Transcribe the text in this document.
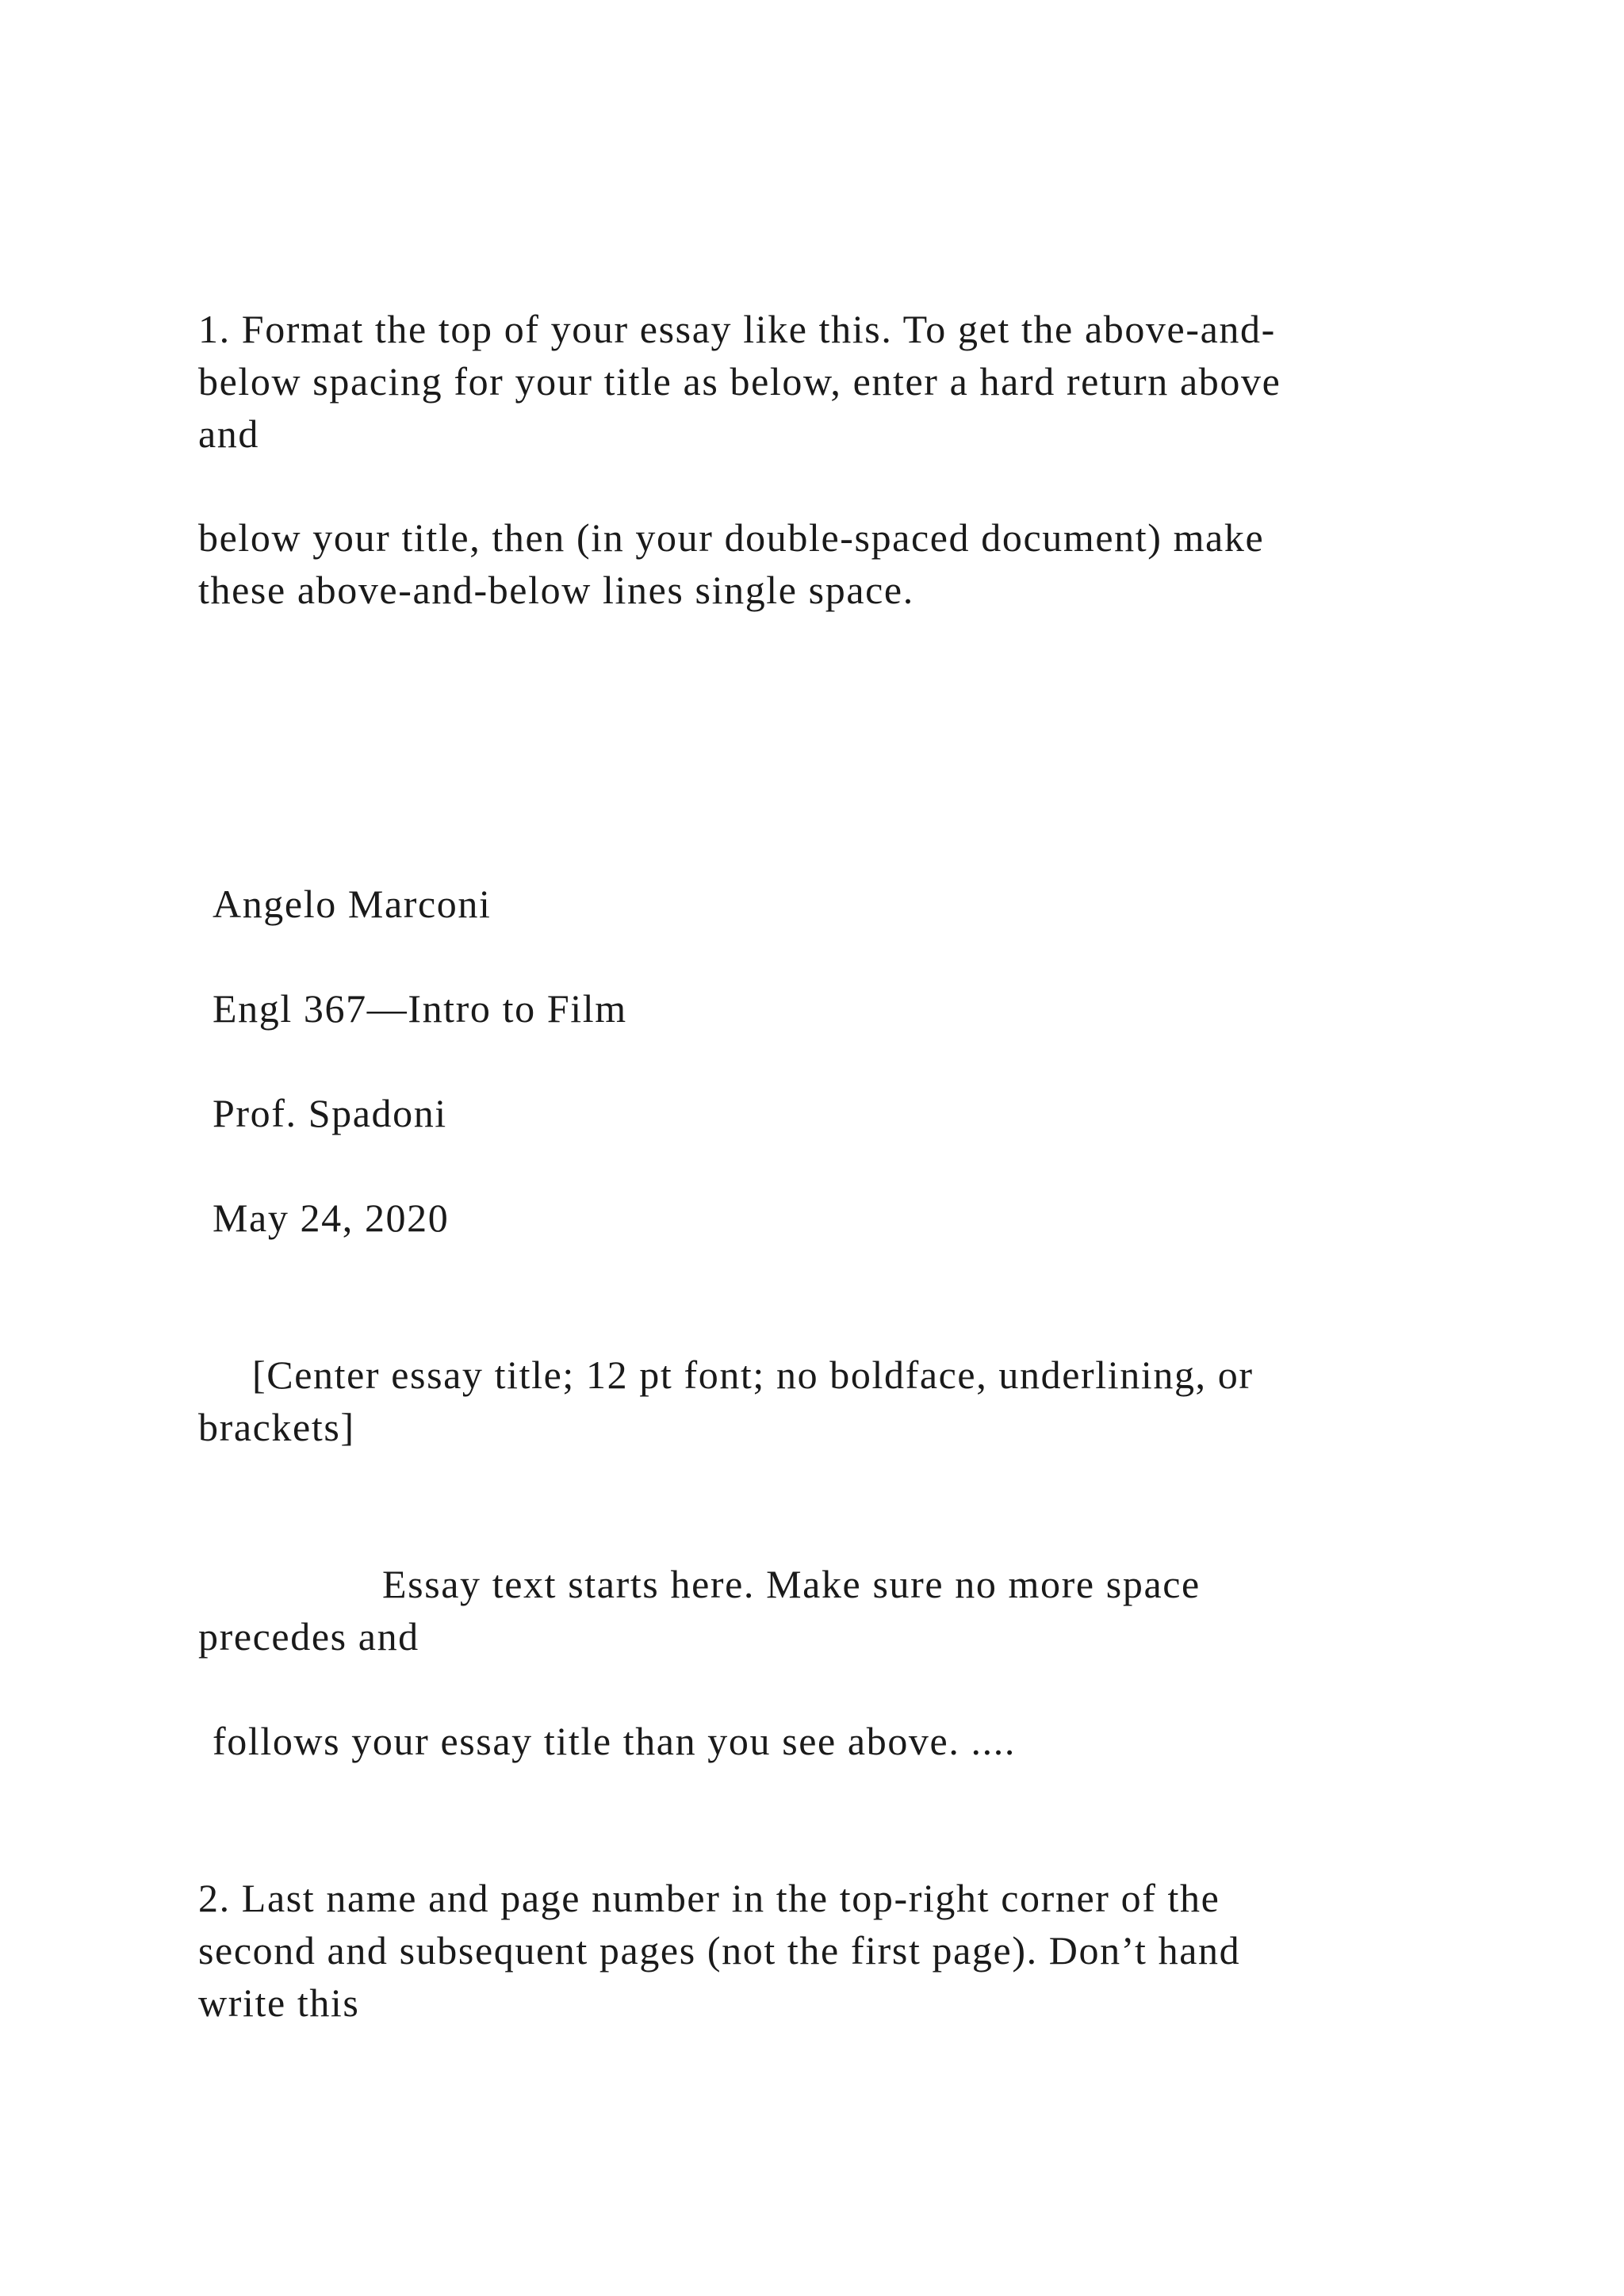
1. Format the top of your essay like this. To get the above-and-
below spacing for your title as below, enter a hard return above
and
below your title, then (in your double-spaced document) make
these above-and-below lines single space.
Angelo Marconi
Engl 367—Intro to Film
Prof. Spadoni
May 24, 2020
[Center essay title; 12 pt font; no boldface, underlining, or
brackets]
Essay text starts here. Make sure no more space
precedes and
follows your essay title than you see above. ....
2. Last name and page number in the top-right corner of the
second and subsequent pages (not the first page). Don’t hand
write this
